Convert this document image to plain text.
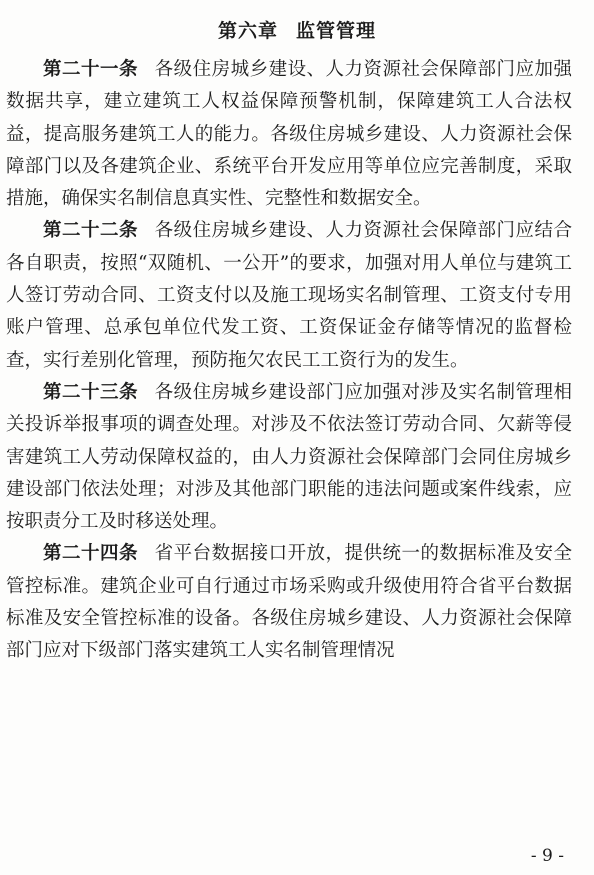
第六章 监管管理

第二十一条 各级住房城乡建设、人力资源社会保障部门应加强数据共享，建立建筑工人权益保障预警机制，保障建筑工人合法权益，提高服务建筑工人的能力。各级住房城乡建设、人力资源社会保障部门以及各建筑企业、系统平台开发应用等单位应完善制度，采取措施，确保实名制信息真实性、完整性和数据安全。

第二十二条 各级住房城乡建设、人力资源社会保障部门应结合各自职责，按照“双随机、一公开”的要求，加强对用人单位与建筑工人签订劳动合同、工资支付以及施工现场实名制管理、工资支付专用账户管理、总承包单位代发工资、工资保证金存储等情况的监督检查，实行差别化管理，预防拖欠农民工工资行为的发生。

第二十三条 各级住房城乡建设部门应加强对涉及实名制管理相关投诉举报事项的调查处理。对涉及不依法签订劳动合同、欠薪等侵害建筑工人劳动保障权益的，由人力资源社会保障部门会同住房城乡建设部门依法处理；对涉及其他部门职能的违法问题或案件线索，应按职责分工及时移送处理。

第二十四条 省平台数据接口开放，提供统一的数据标准及安全管控标准。建筑企业可自行通过市场采购或升级使用符合省平台数据标准及安全管控标准的设备。各级住房城乡建设、人力资源社会保障部门应对下级部门落实建筑工人实名制管理情况

- 9 -
